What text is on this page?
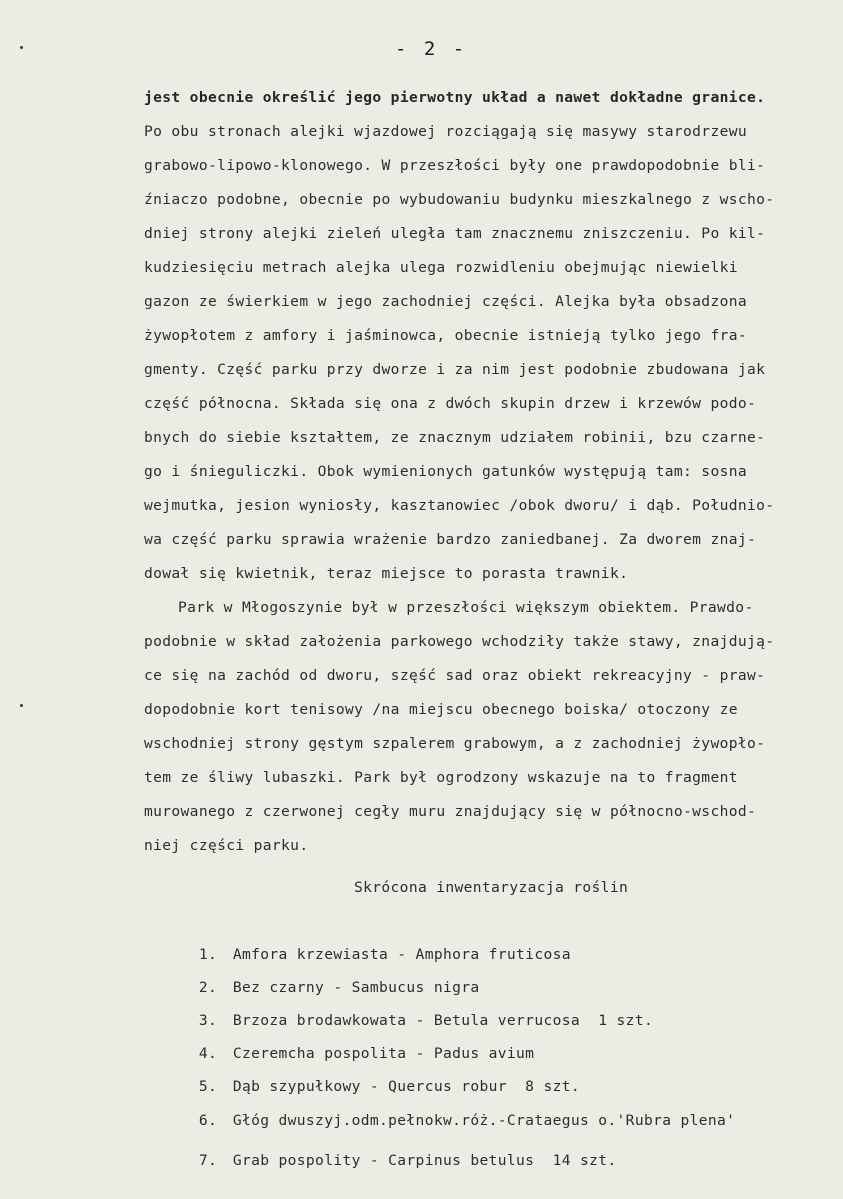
- 2 -
jest obecnie określić jego pierwotny układ a nawet dokładne granice.
Po obu stronach alejki wjazdowej rozciągają się masywy starodrzewu
grabowo-lipowo-klonowego. W przeszłości były one prawdopodobnie bli-
źniaczo podobne, obecnie po wybudowaniu budynku mieszkalnego z wscho-
dniej strony alejki zieleń uległa tam znacznemu zniszczeniu. Po kil-
kudziesięciu metrach alejka ulega rozwidleniu obejmując niewielki
gazon ze świerkiem w jego zachodniej części. Alejka była obsadzona
żywopłotem z amfory i jaśminowca, obecnie istnieją tylko jego fra-
gmenty. Część parku przy dworze i za nim jest podobnie zbudowana jak
część północna. Składa się ona z dwóch skupin drzew i krzewów podo-
bnych do siebie kształtem, ze znacznym udziałem robinii, bzu czarne-
go i śnieguliczki. Obok wymienionych gatunków występują tam: sosna
wejmutka, jesion wyniosły, kasztanowiec /obok dworu/ i dąb. Południo-
wa część parku sprawia wrażenie bardzo zaniedbanej. Za dworem znaj-
dował się kwietnik, teraz miejsce to porasta trawnik.
Park w Młogoszynie był w przeszłości większym obiektem. Prawdo-
podobnie w skład założenia parkowego wchodziły także stawy, znajdują-
ce się na zachód od dworu, szęść sad oraz obiekt rekreacyjny - praw-
dopodobnie kort tenisowy /na miejscu obecnego boiska/ otoczony ze
wschodniej strony gęstym szpalerem grabowym, a z zachodniej żywopło-
tem ze śliwy lubaszki. Park był ogrodzony wskazuje na to fragment
murowanego z czerwonej cegły muru znajdujący się w północno-wschod-
niej części parku.
Skrócona inwentaryzacja roślin

1. Amfora krzewiasta - Amphora fruticosa

2. Bez czarny - Sambucus nigra

3. Brzoza brodawkowata - Betula verrucosa  1 szt.

4. Czeremcha pospolita - Padus avium

5. Dąb szypułkowy - Quercus robur  8 szt.

6. Głóg dwuszyj.odm.pełnokw.róż.-Crataegus o.'Rubra plena'

7. Grab pospolity - Carpinus betulus  14 szt.
